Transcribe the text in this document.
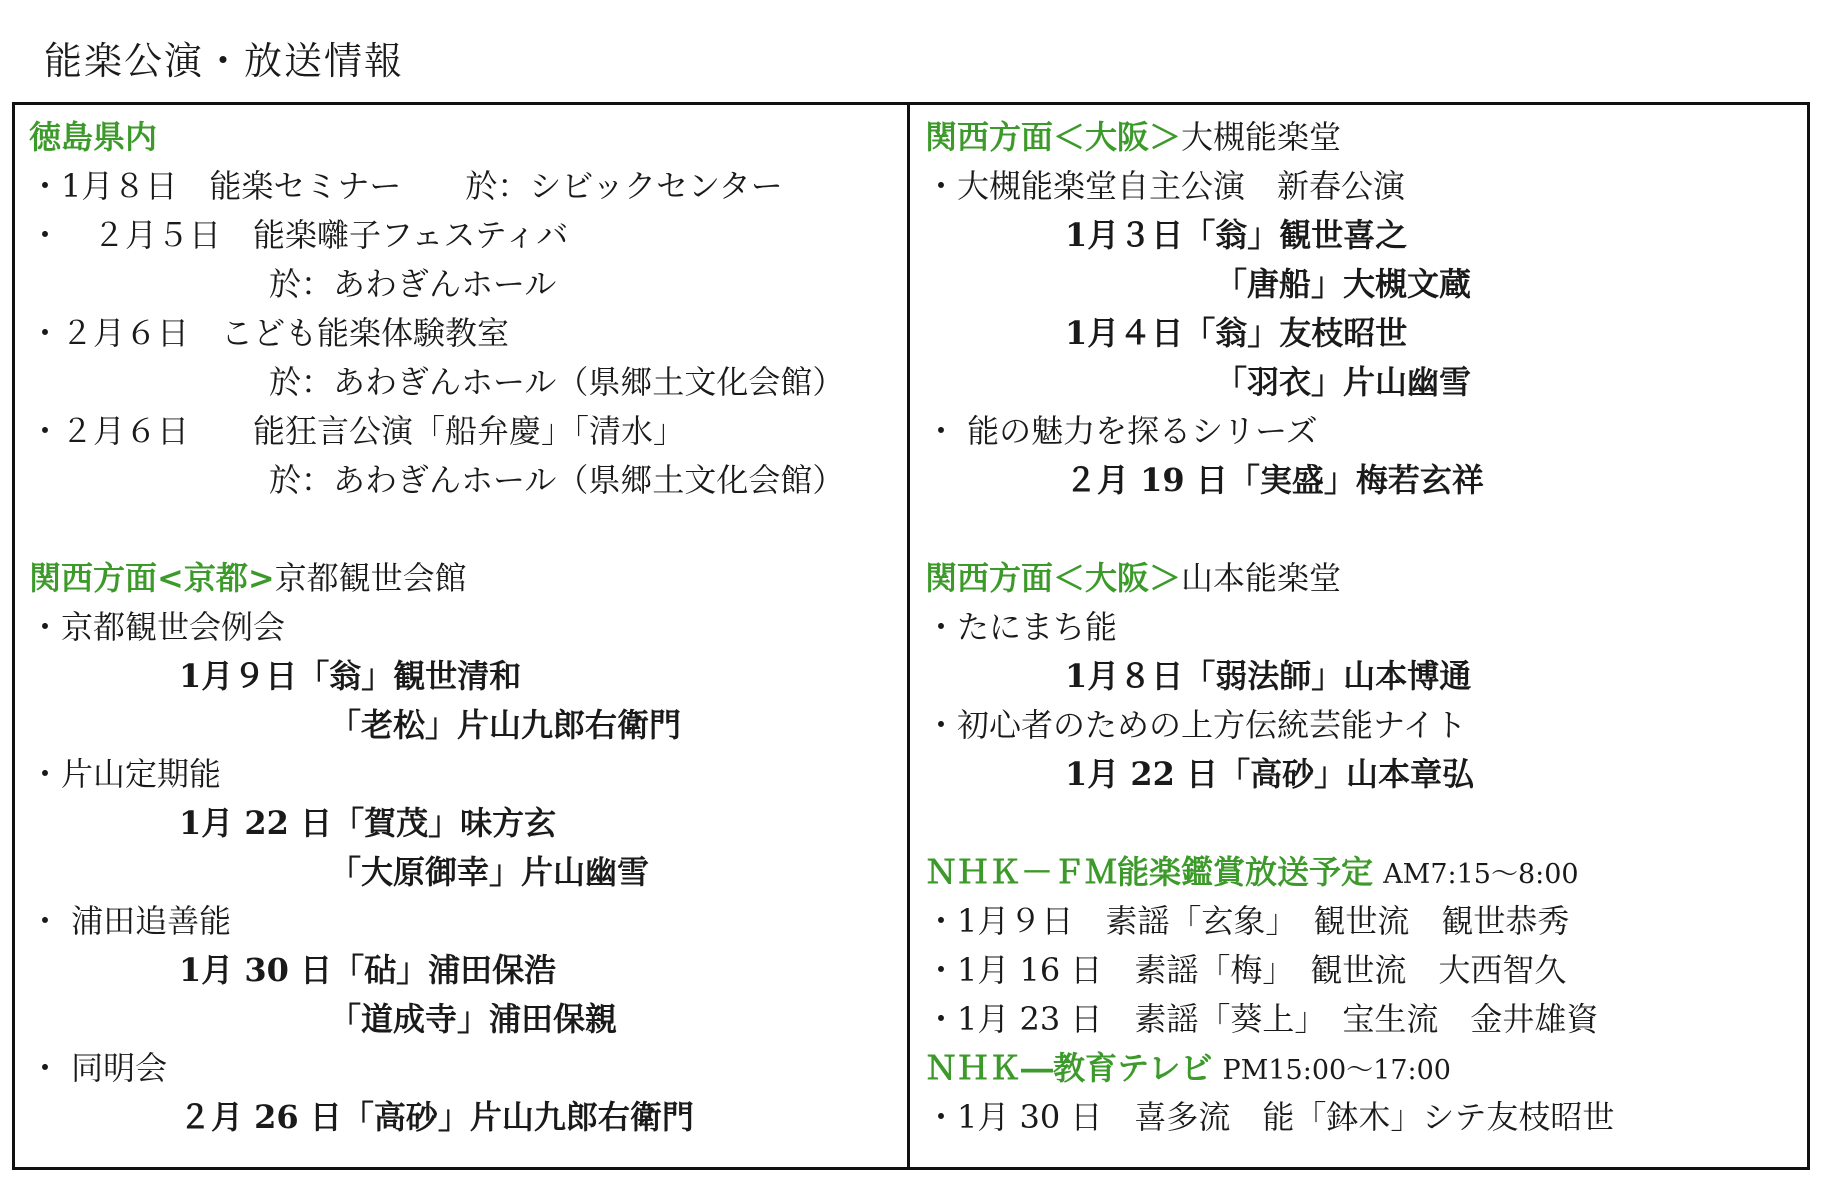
能楽公演・放送情報
徳島県内
・1月８日　能楽セミナー　　於：シビックセンター
・　２月５日　能楽囃子フェスティバ
於：あわぎんホール
・２月６日　こども能楽体験教室
於：あわぎんホール（県郷土文化会館）
・２月６日　　能狂言公演「船弁慶」「清水」
於：あわぎんホール（県郷土文化会館）
関西方面<京都>京都観世会館
・京都観世会例会
1月９日「翁」観世清和
「老松」片山九郎右衛門
・片山定期能
1月 22 日「賀茂」味方玄
「大原御幸」片山幽雪
・ 浦田追善能
1月 30 日「砧」浦田保浩
「道成寺」浦田保親
・ 同明会
２月 26 日「高砂」片山九郎右衛門
関西方面＜大阪＞大槻能楽堂
・大槻能楽堂自主公演　新春公演
1月３日「翁」観世喜之
「唐船」大槻文蔵
1月４日「翁」友枝昭世
「羽衣」片山幽雪
・ 能の魅力を探るシリーズ
２月 19 日「実盛」梅若玄祥
関西方面＜大阪＞山本能楽堂
・たにまち能
1月８日「弱法師」山本博通
・初心者のための上方伝統芸能ナイト
1月 22 日「高砂」山本章弘
ＮＨＫ－ＦＭ能楽鑑賞放送予定 AM7:15～8:00
・1月９日　素謡「玄象」　観世流　観世恭秀
・1月 16 日　素謡「梅」　観世流　大西智久
・1月 23 日　素謡「葵上」　宝生流　金井雄資
ＮＨＫ―教育テレビ PM15:00～17:00
・1月 30 日　喜多流　能「鉢木」シテ友枝昭世
